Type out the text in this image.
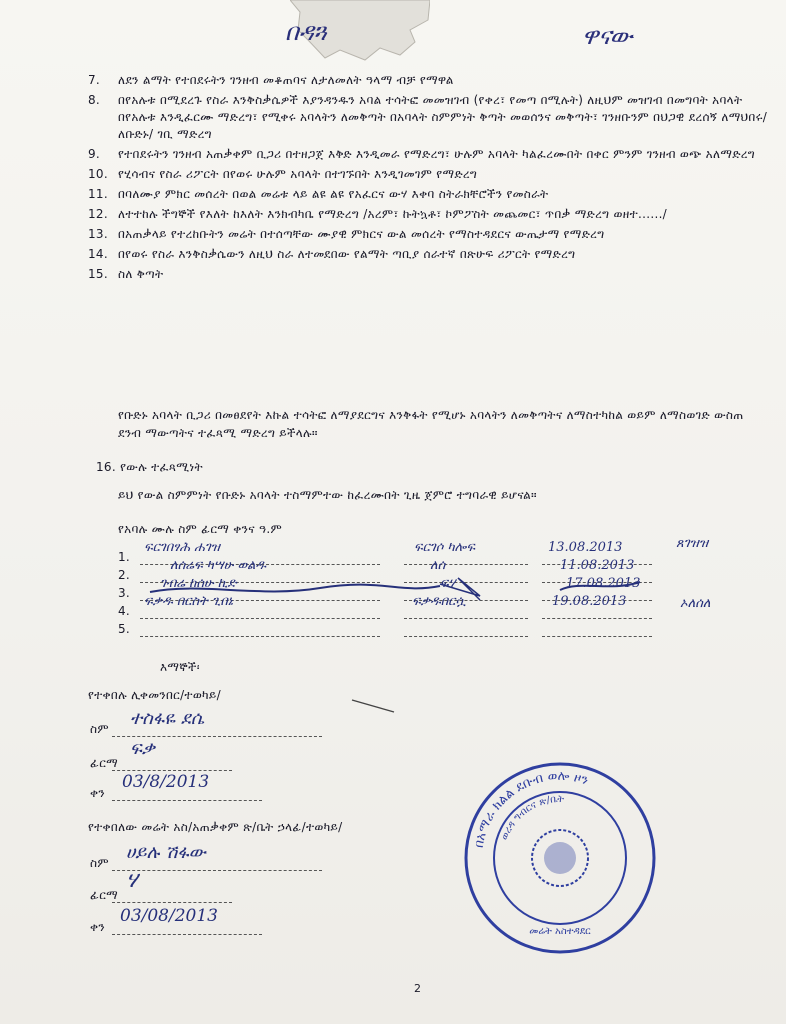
በዳጓ	ዋናው
7.	ለደን ልማት የተበደሩትን ገንዘብ መቆጠባና ለታለመለት ዓላማ ብቻ የማዋል
8.	በየአሉቱ በሚደረጉ የስራ እንቅስቃሴዎች እያንዳንዱን አባል ተሳትፎ መመዝገብ (የቀረ፣ የመጣ በሚሉት) ለዚህም መዝገብ በመግባት አባላት በየአሉቱ እንዲፈርሙ ማድረግ፣ የሚቀሩ አባላትን ለመቅጣት በአባላት ስምምነት ቅጣት መወሰንና መቅጣት፣ ገንዘቡንም በህጋዊ ደረሰኝ ለማህበሩ/ለቡድኑ/ ገቢ ማድረግ
9.	የተበደሩትን ገንዘብ አጠቃቀም ቢጋሪ በተዘጋጀ እቅድ እንዲመራ የማድረግ፣ ሁሉም አባላት ካልፈረሙበት በቀር ምንም ገንዘብ ወጭ አለማድረግ
10. የሂሳብና የስራ ሪፖርት በየወሩ ሁሉም አባላት በተገኙበት እንዲገመገም የማድረግ
11. በባለሙያ ምክር መሰረት በወል መሬቱ ላይ ልዩ ልዩ የአፈርና ውሃ እቀባ ስትራክቸሮችን የመስራት
12. ለተተከሉ ችግኞች የእለት ከእለት እንክብካቤ የማድረግ /አረም፣ ኩትኳቶ፣ ኮምፖስት መጨመር፣ ጥበቃ ማድረግ ወዘተ....../
13. በአጠቃላይ የተረከቡትን መሬት በተሰጣቸው ሙያዊ ምክርና ውል መሰረት የማስተዳደርና ውጤታማ የማድረግ
14. በየወሩ የስራ እንቅስቃሴውን ለዚህ ስራ ለተመደበው የልማት ጣቢያ ሰራተኛ በጽሁፍ ሪፖርት የማድረግ
15. ስለ ቅጣት
የቡድኑ አባላት ቢጋሪ በመፀደየት እኩል ተሳትፎ ለማያደርግና እንቅፋት የሚሆኑ አባላትን ለመቅጣትና ለማስተካከል ወይም ለማስወገድ ውስጠ ደንብ ማውጣትና ተፈጻሚ ማድረግ ይችላሉ።
16. የውሉ ተፈጻሚነት
ይህ የውል ስምምነት የቡድኑ አባላት ተስማምተው ከፈረሙበት ጊዜ ጀምሮ ተግባራዊ ይሆናል።
የአባሉ ሙሉ ስም ፊርማ ቀንና ዓ.ም
1.
ፍርገበፃሕ ሐገዝ	ፍርገሶ ካሎፍ	13.08.2013	ጸገዝዝ
2.
ለሰሬፍ ካሣሁ ወልዱ	ለሰ	11.08.2013
3.
ገብሬ ከሰሁ ኪድ	ፍሃ	17.08.2013
4.
ፍቃዱ በርስት ጊበኔ	ፍቃዱበርሷ	19.08.2013	ኦለሰለ
5.
እማኞች፡
የተቀበሉ ሊቀመንበር/ተወካይ/
ስም ተስፋዬ ደሴ
ፊርማ
ፍቃ
ቀን
03/8/2013
የተቀበለው መሬት አስ/አጠቃቀም ጽ/ቤት ኃላፊ/ተወካይ/
ስም ሀይሉ ሽፋው
ፊርማ
ሃ
ቀን
03/08/2013
በአማራ ክልል ደቡብ ወሎ ዞን
ወረዳ ግብርና ጽ/ቤት
መሬት አስተዳደር
2
